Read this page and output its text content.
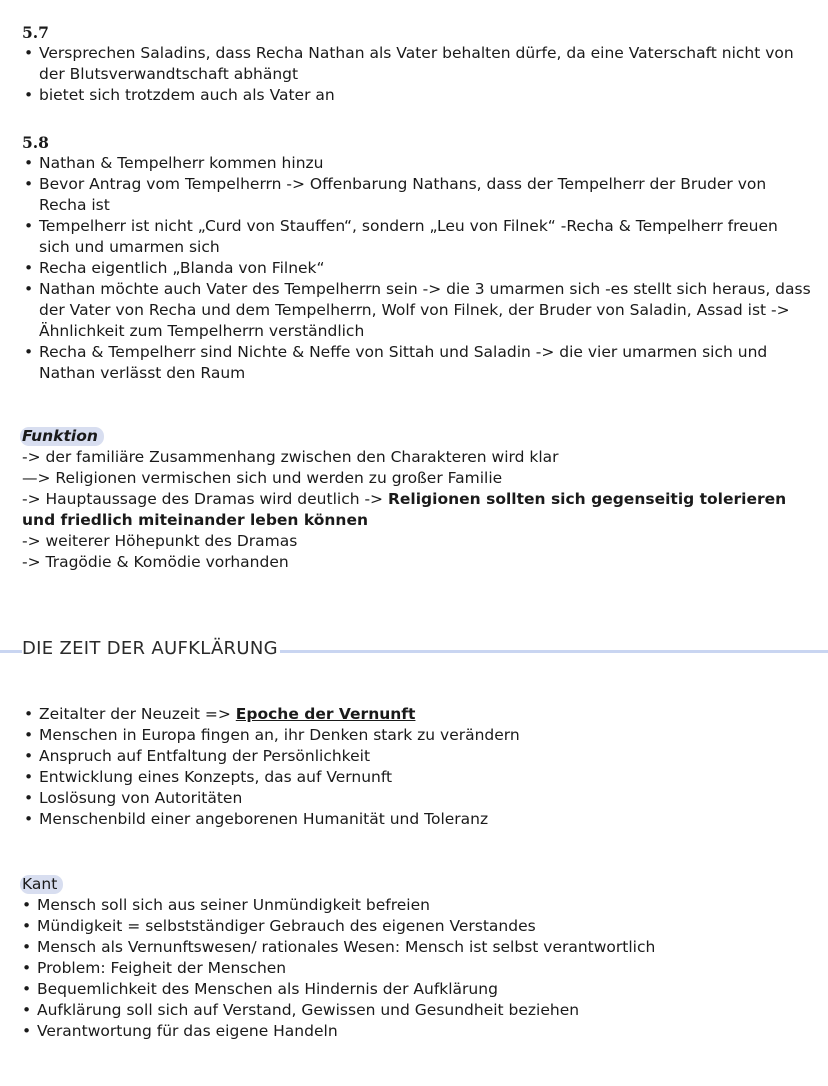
5.7

• Versprechen Saladins, dass Recha Nathan als Vater behalten dürfe, da eine Vaterschaft nicht von der Blutsverwandtschaft abhängt
• bietet sich trotzdem auch als Vater an

5.8

• Nathan & Tempelherr kommen hinzu
• Bevor Antrag vom Tempelherrn -> Offenbarung Nathans, dass der Tempelherr der Bruder von Recha ist
• Tempelherr ist nicht „Curd von Stauffen“, sondern „Leu von Filnek“ -Recha & Tempelherr freuen sich und umarmen sich
• Recha eigentlich „Blanda von Filnek“
• Nathan möchte auch Vater des Tempelherrn sein -> die 3 umarmen sich -es stellt sich heraus, dass der Vater von Recha und dem Tempelherrn, Wolf von Filnek, der Bruder von Saladin, Assad ist -> Ähnlichkeit zum Tempelherrn verständlich
• Recha & Tempelherr sind Nichte & Neffe von Sittah und Saladin -> die vier umarmen sich und Nathan verlässt den Raum

Funktion

-> der familiäre Zusammenhang zwischen den Charakteren wird klar

—> Religionen vermischen sich und werden zu großer Familie

-> Hauptaussage des Dramas wird deutlich -> Religionen sollten sich gegenseitig tolerieren und friedlich miteinander leben können

-> weiterer Höhepunkt des Dramas

-> Tragödie & Komödie vorhanden

DIE ZEIT DER AUFKLÄRUNG
• Zeitalter der Neuzeit => Epoche der Vernunft
• Menschen in Europa fingen an, ihr Denken stark zu verändern
• Anspruch auf Entfaltung der Persönlichkeit
• Entwicklung eines Konzepts, das auf Vernunft
• Loslösung von Autoritäten
• Menschenbild einer angeborenen Humanität und Toleranz

Kant

• Mensch soll sich aus seiner Unmündigkeit befreien
• Mündigkeit = selbstständiger Gebrauch des eigenen Verstandes
• Mensch als Vernunftswesen/ rationales Wesen: Mensch ist selbst verantwortlich
• Problem: Feigheit der Menschen
• Bequemlichkeit des Menschen als Hindernis der Aufklärung
• Aufklärung soll sich auf Verstand, Gewissen und Gesundheit beziehen
• Verantwortung für das eigene Handeln
